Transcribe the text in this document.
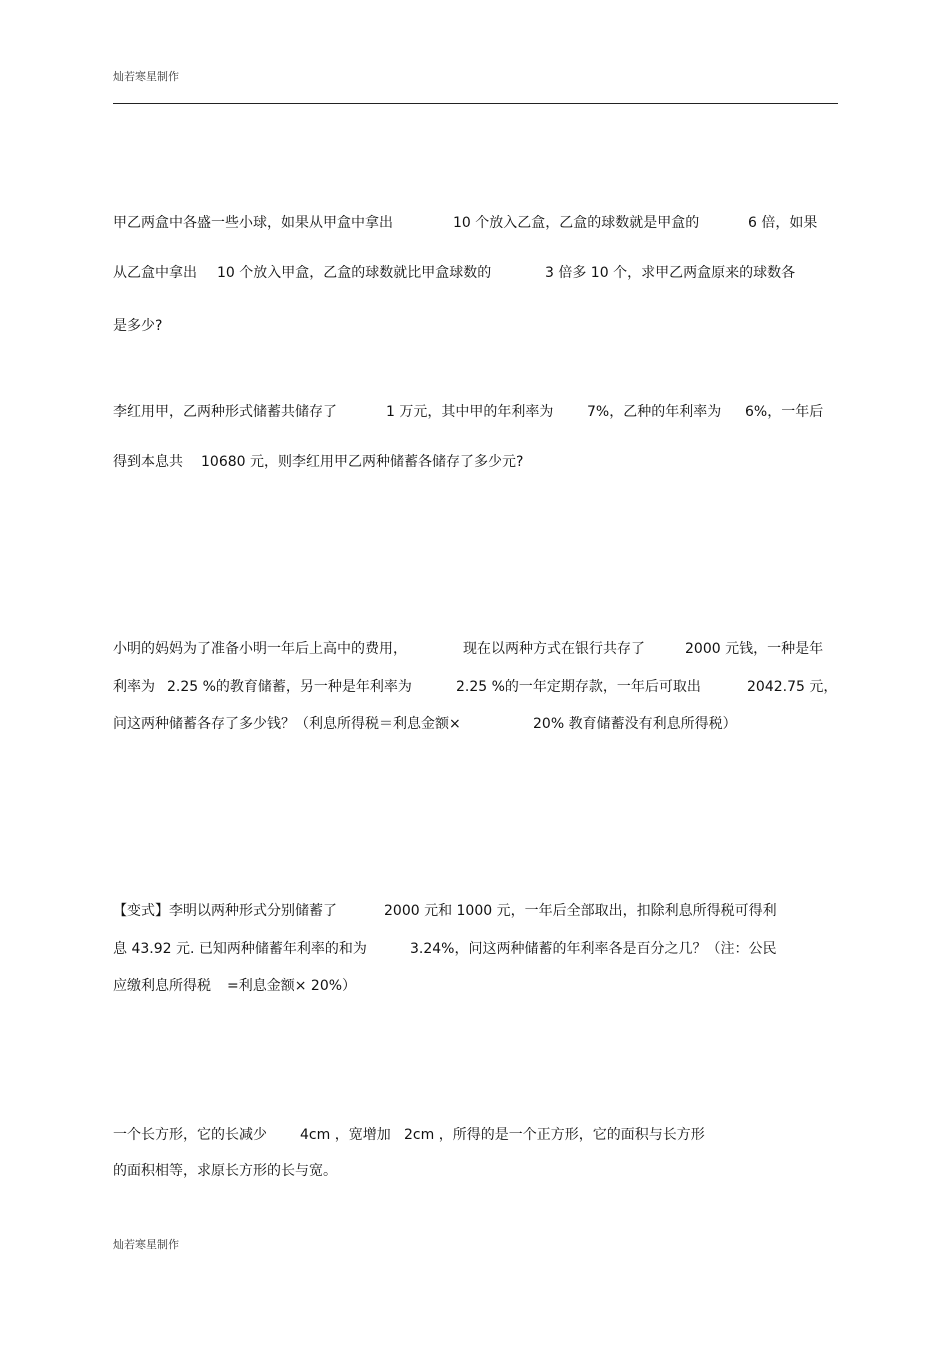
灿若寒星制作
甲乙两盒中各盛一些小球，如果从甲盒中拿出	10 个放入乙盒，乙盒的球数就是甲盒的	6 倍，如果
从乙盒中拿出 10 个放入甲盒，乙盒的球数就比甲盒球数的	3 倍多 10 个，求甲乙两盒原来的球数各
是多少?
李红用甲，乙两种形式储蓄共储存了	1 万元，其中甲的年利率为 7%，乙种的年利率为 6%，一年后
得到本息共 10680 元，则李红用甲乙两种储蓄各储存了多少元?
小明的妈妈为了准备小明一年后上高中的费用，	现在以两种方式在银行共存了	2000 元钱，一种是年
利率为 2.25 %的教育储蓄，另一种是年利率为	2.25 %的一年定期存款，一年后可取出	2042.75 元，
问这两种储蓄各存了多少钱？（利息所得税＝利息金额×	20% 教育储蓄没有利息所得税）
【变式】李明以两种形式分别储蓄了	2000 元和 1000 元，一年后全部取出，扣除利息所得税可得利
息 43.92 元. 已知两种储蓄年利率的和为	3.24%，问这两种储蓄的年利率各是百分之几？（注：公民
应缴利息所得税 =利息金额× 20%）
一个长方形，它的长减少 4cm ，宽增加 2cm ，所得的是一个正方形，它的面积与长方形
的面积相等，求原长方形的长与宽。
灿若寒星制作
